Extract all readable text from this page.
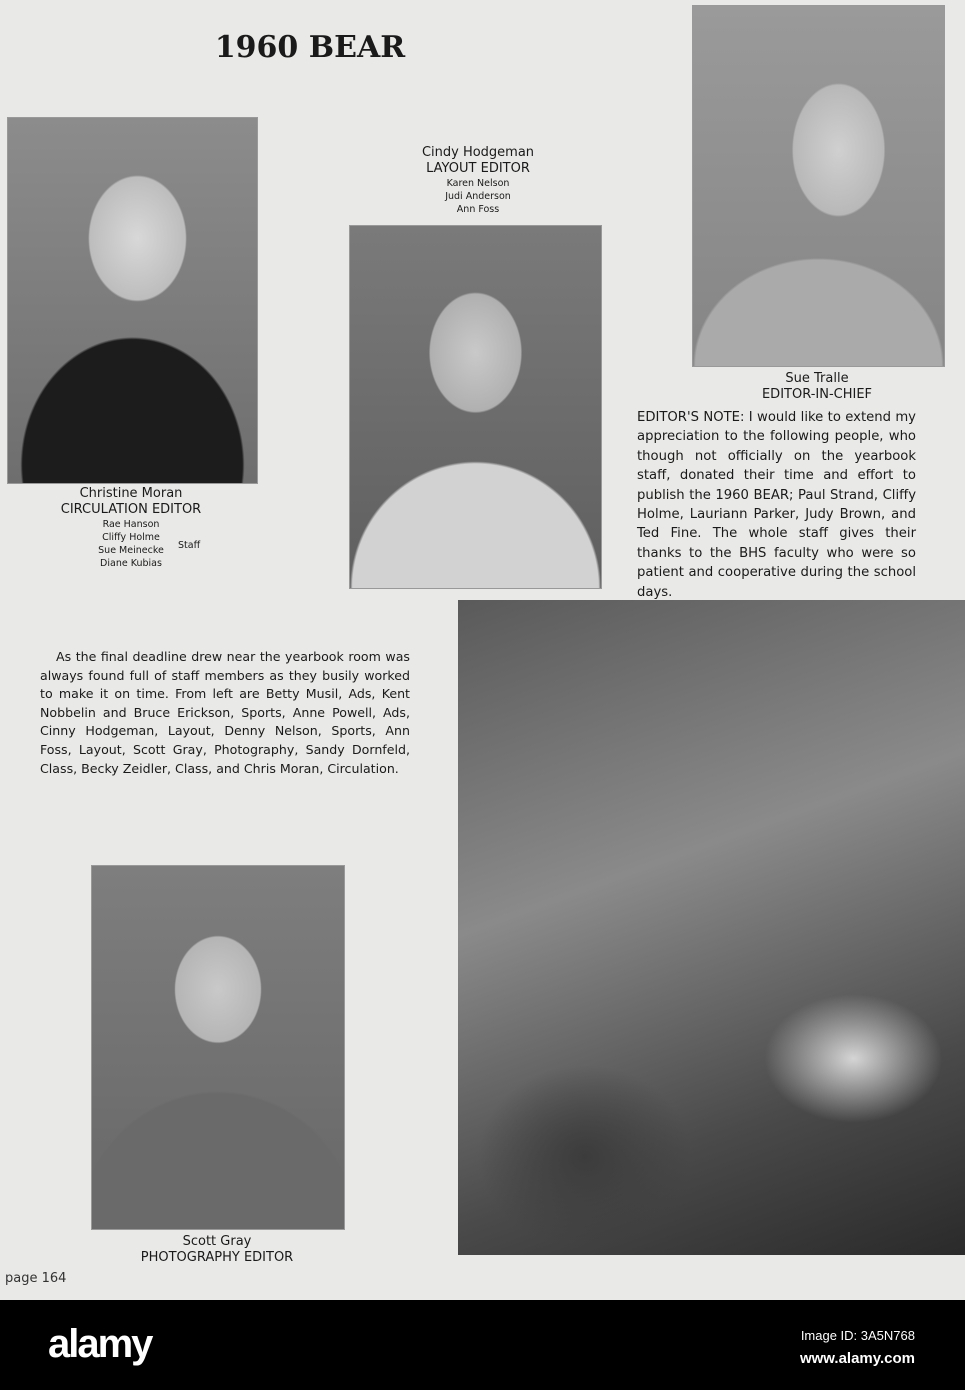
1960 BEAR
Cindy Hodgeman
LAYOUT EDITOR
Karen Nelson
Judi Anderson
Ann Foss
Sue Tralle
EDITOR-IN-CHIEF
EDITOR'S NOTE: I would like to extend my appreciation to the following people, who though not officially on the yearbook staff, donated their time and effort to publish the 1960 BEAR; Paul Strand, Cliffy Holme, Lauriann Parker, Judy Brown, and Ted Fine. The whole staff gives their thanks to the BHS faculty who were so patient and cooperative during the school days.
Christine Moran
CIRCULATION EDITOR
Rae Hanson
Cliffy Holme
Sue Meinecke
Diane Kubias
Staff
As the final deadline drew near the yearbook room was always found full of staff members as they busily worked to make it on time. From left are Betty Musil, Ads, Kent Nobbelin and Bruce Erickson, Sports, Anne Powell, Ads, Cinny Hodgeman, Layout, Denny Nelson, Sports, Ann Foss, Layout, Scott Gray, Photography, Sandy Dornfeld, Class, Becky Zeidler, Class, and Chris Moran, Circulation.
Scott Gray
PHOTOGRAPHY EDITOR
page 164
alamy	Image ID: 3A5N768
www.alamy.com
